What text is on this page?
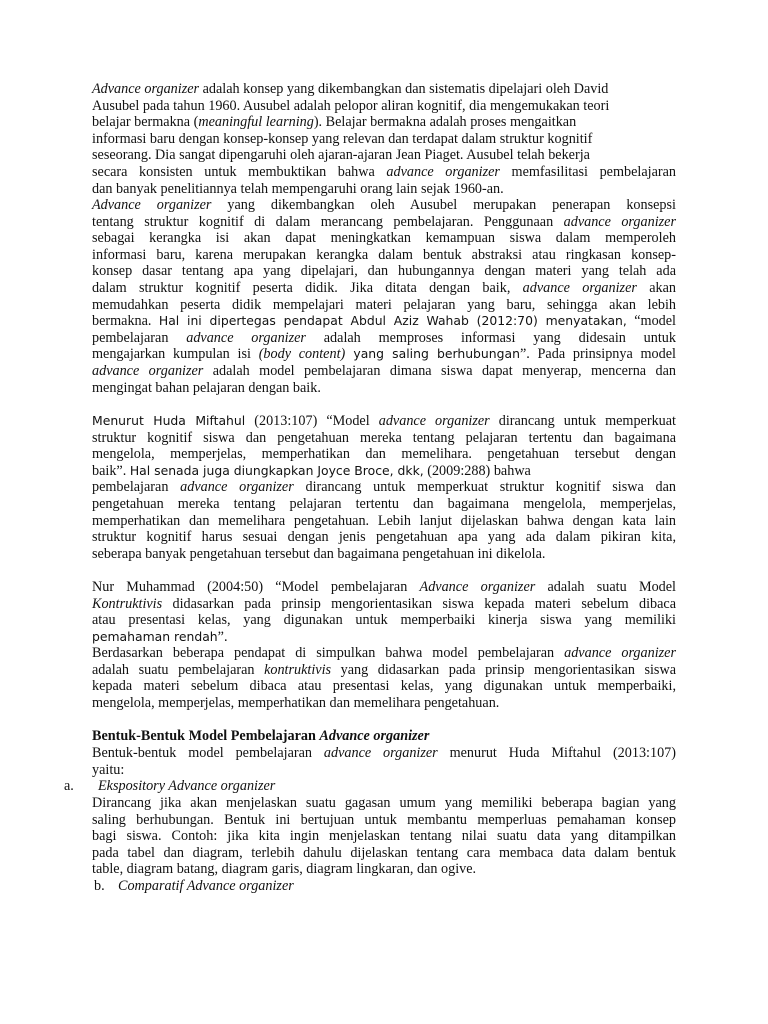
Advance organizer adalah konsep yang dikembangkan dan sistematis dipelajari oleh David
Ausubel pada tahun 1960. Ausubel adalah pelopor aliran kognitif, dia mengemukakan teori
belajar bermakna (meaningful learning). Belajar bermakna adalah proses mengaitkan
informasi baru dengan konsep-konsep yang relevan dan terdapat dalam struktur kognitif
seseorang. Dia sangat dipengaruhi oleh ajaran-ajaran Jean Piaget. Ausubel telah bekerja
secara konsisten untuk membuktikan bahwa advance organizer memfasilitasi pembelajaran
dan banyak penelitiannya telah mempengaruhi orang lain sejak 1960-an.
Advance organizer yang dikembangkan oleh Ausubel merupakan penerapan konsepsi
tentang struktur kognitif di dalam merancang pembelajaran. Penggunaan advance organizer
sebagai kerangka isi akan dapat meningkatkan kemampuan siswa dalam memperoleh
informasi baru, karena merupakan kerangka dalam bentuk abstraksi atau ringkasan konsep-
konsep dasar tentang apa yang dipelajari, dan hubungannya dengan materi yang telah ada
dalam struktur kognitif peserta didik. Jika ditata dengan baik, advance organizer akan
memudahkan peserta didik mempelajari materi pelajaran yang baru, sehingga akan lebih
bermakna. Hal ini dipertegas pendapat Abdul Aziz Wahab (2012:70) menyatakan, “model
pembelajaran advance organizer adalah memproses informasi yang didesain untuk
mengajarkan kumpulan isi (body content) yang saling berhubungan”. Pada prinsipnya model
advance organizer adalah model pembelajaran dimana siswa dapat menyerap, mencerna dan
mengingat bahan pelajaran dengan baik.
Menurut Huda Miftahul (2013:107) “Model advance organizer dirancang untuk memperkuat
struktur kognitif siswa dan pengetahuan mereka tentang pelajaran tertentu dan bagaimana
mengelola, memperjelas, memperhatikan dan memelihara. pengetahuan tersebut dengan
baik”. Hal senada juga diungkapkan Joyce Broce, dkk, (2009:288) bahwa
pembelajaran advance organizer dirancang untuk memperkuat struktur kognitif siswa dan
pengetahuan mereka tentang pelajaran tertentu dan bagaimana mengelola, memperjelas,
memperhatikan dan memelihara pengetahuan. Lebih lanjut dijelaskan bahwa dengan kata lain
struktur kognitif harus sesuai dengan jenis pengetahuan apa yang ada dalam pikiran kita,
seberapa banyak pengetahuan tersebut dan bagaimana pengetahuan ini dikelola.
Nur Muhammad (2004:50) “Model pembelajaran Advance organizer adalah suatu Model
Kontruktivis didasarkan pada prinsip mengorientasikan siswa kepada materi sebelum dibaca
atau presentasi kelas, yang digunakan untuk memperbaiki kinerja siswa yang memiliki
pemahaman rendah”.
Berdasarkan beberapa pendapat di simpulkan bahwa model pembelajaran advance organizer
adalah suatu pembelajaran kontruktivis yang didasarkan pada prinsip mengorientasikan siswa
kepada materi sebelum dibaca atau presentasi kelas, yang digunakan untuk memperbaiki,
mengelola, memperjelas, memperhatikan dan memelihara pengetahuan.
Bentuk-Bentuk Model Pembelajaran Advance organizer
Bentuk-bentuk model pembelajaran advance organizer menurut Huda Miftahul (2013:107)
yaitu:
a. Ekspository Advance organizer
Dirancang jika akan menjelaskan suatu gagasan umum yang memiliki beberapa bagian yang
saling berhubungan. Bentuk ini bertujuan untuk membantu memperluas pemahaman konsep
bagi siswa. Contoh: jika kita ingin menjelaskan tentang nilai suatu data yang ditampilkan
pada tabel dan diagram, terlebih dahulu dijelaskan tentang cara membaca data dalam bentuk
table, diagram batang, diagram garis, diagram lingkaran, dan ogive.
b. Comparatif Advance organizer
